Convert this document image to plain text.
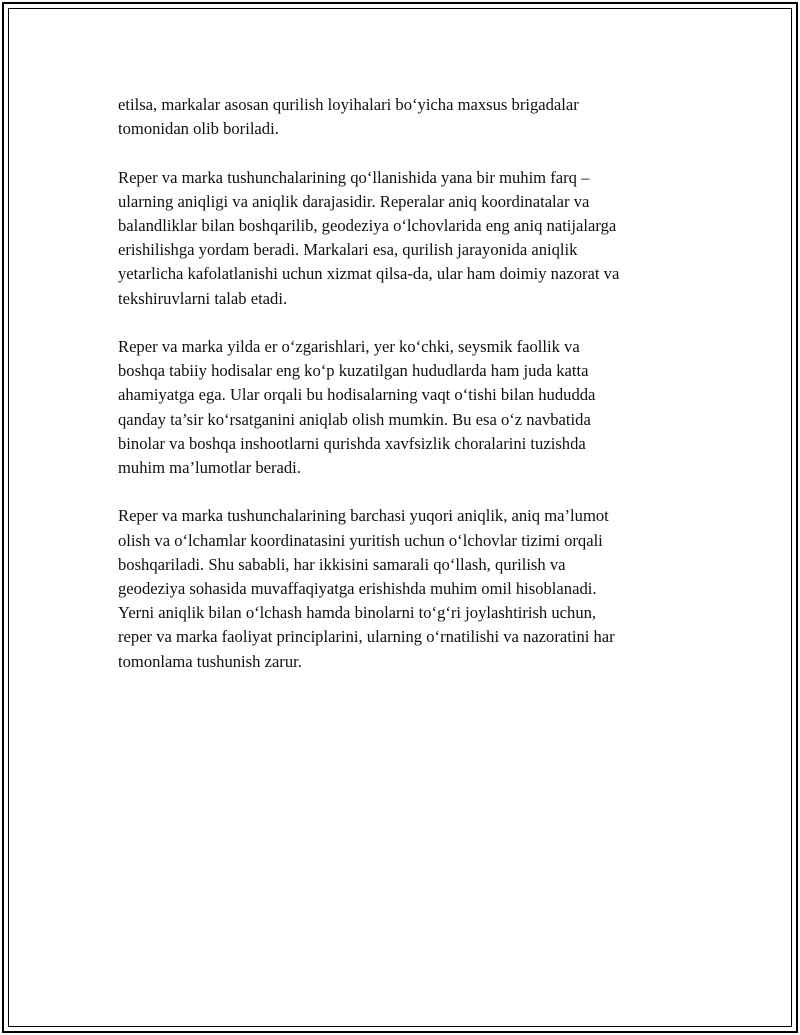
etilsa, markalar asosan qurilish loyihalari bo‘yicha maxsus brigadalar
tomonidan olib boriladi.

Reper va marka tushunchalarining qo‘llanishida yana bir muhim farq –
ularning aniqligi va aniqlik darajasidir. Reperalar aniq koordinatalar va
balandliklar bilan boshqarilib, geodeziya o‘lchovlarida eng aniq natijalarga
erishilishga yordam beradi. Markalari esa, qurilish jarayonida aniqlik
yetarlicha kafolatlanishi uchun xizmat qilsa-da, ular ham doimiy nazorat va
tekshiruvlarni talab etadi.

Reper va marka yilda er o‘zgarishlari, yer ko‘chki, seysmik faollik va
boshqa tabiiy hodisalar eng ko‘p kuzatilgan hududlarda ham juda katta
ahamiyatga ega. Ular orqali bu hodisalarning vaqt o‘tishi bilan hududda
qanday ta’sir ko‘rsatganini aniqlab olish mumkin. Bu esa o‘z navbatida
binolar va boshqa inshootlarni qurishda xavfsizlik choralarini tuzishda
muhim ma’lumotlar beradi.

Reper va marka tushunchalarining barchasi yuqori aniqlik, aniq ma’lumot
olish va o‘lchamlar koordinatasini yuritish uchun o‘lchovlar tizimi orqali
boshqariladi. Shu sababli, har ikkisini samarali qo‘llash, qurilish va
geodeziya sohasida muvaffaqiyatga erishishda muhim omil hisoblanadi.
Yerni aniqlik bilan o‘lchash hamda binolarni to‘g‘ri joylashtirish uchun,
reper va marka faoliyat principlarini, ularning o‘rnatilishi va nazoratini har
tomonlama tushunish zarur.
